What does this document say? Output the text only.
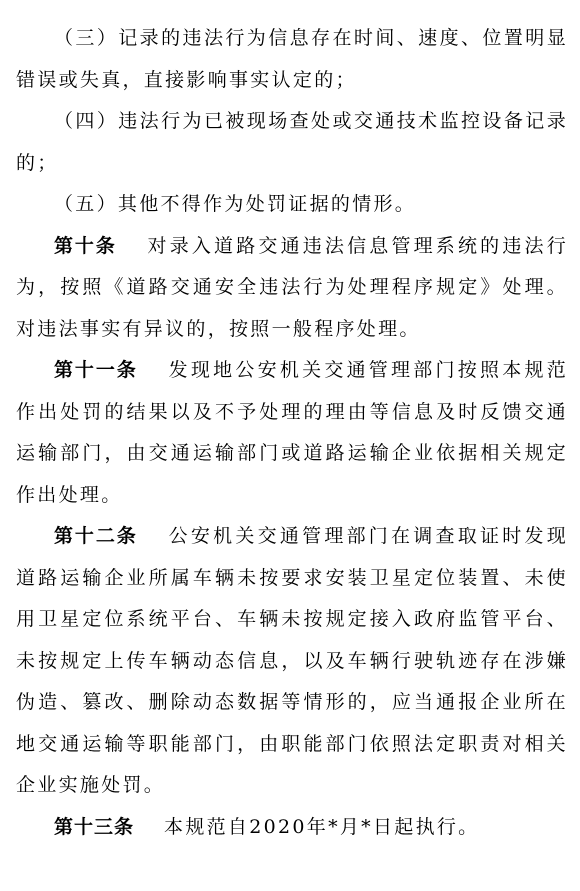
（三）记录的违法行为信息存在时间、速度、位置明显错误或失真，直接影响事实认定的；

（四）违法行为已被现场查处或交通技术监控设备记录的；

（五）其他不得作为处罚证据的情形。

第十条 对录入道路交通违法信息管理系统的违法行为，按照《道路交通安全违法行为处理程序规定》处理。对违法事实有异议的，按照一般程序处理。

第十一条 发现地公安机关交通管理部门按照本规范作出处罚的结果以及不予处理的理由等信息及时反馈交通运输部门，由交通运输部门或道路运输企业依据相关规定作出处理。

第十二条 公安机关交通管理部门在调查取证时发现道路运输企业所属车辆未按要求安装卫星定位装置、未使用卫星定位系统平台、车辆未按规定接入政府监管平台、未按规定上传车辆动态信息，以及车辆行驶轨迹存在涉嫌伪造、篡改、删除动态数据等情形的，应当通报企业所在地交通运输等职能部门，由职能部门依照法定职责对相关企业实施处罚。

第十三条 本规范自2020年*月*日起执行。
